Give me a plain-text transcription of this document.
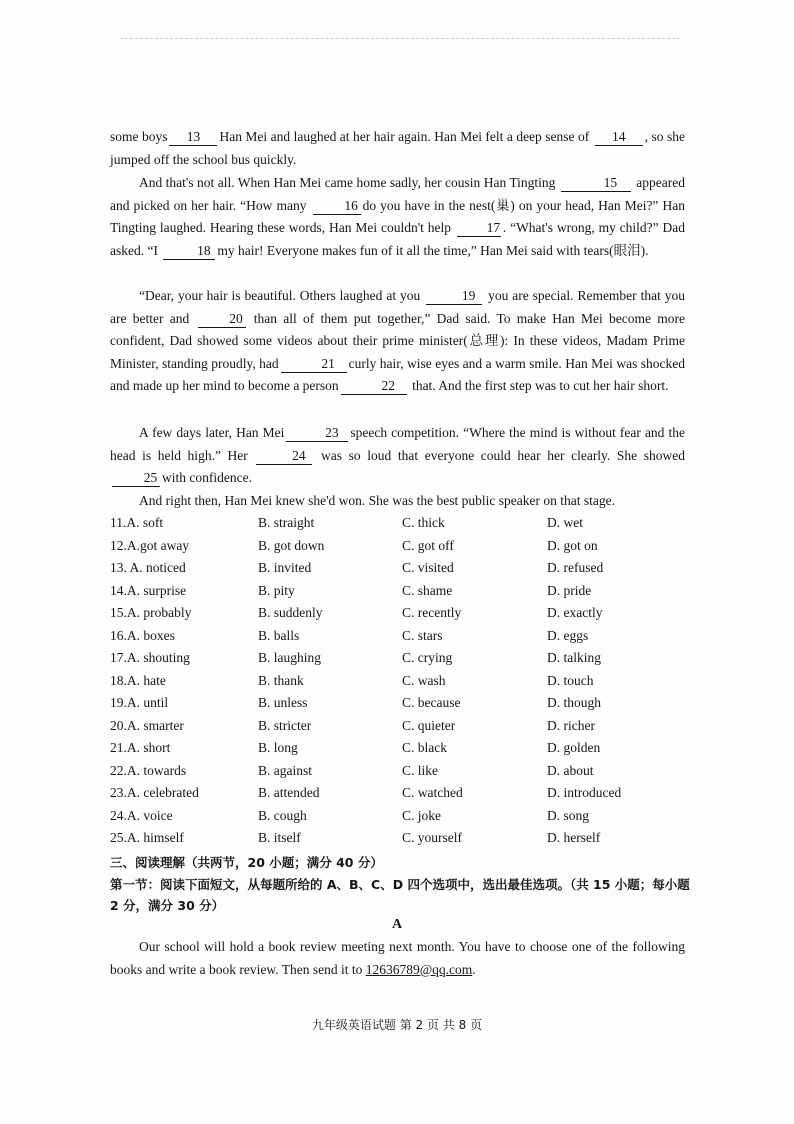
some boys 13 Han Mei and laughed at her hair again. Han Mei felt a deep sense of 14 , so she jumped off the school bus quickly.

And that's not all. When Han Mei came home sadly, her cousin Han Tingting	15 appeared and picked on her hair. “How many	16 do you have in the nest(巢) on your head, Han Mei?” Han Tingting laughed. Hearing these words, Han Mei couldn't help	17 . “What's wrong, my child?” Dad asked. “I	18 my hair! Everyone makes fun of it all the time,” Han Mei said with tears(眼泪).

“Dear, your hair is beautiful. Others laughed at you	19 you are special. Remember that you are better and	20 than all of them put together,” Dad said. To make Han Mei become more confident, Dad showed some videos about their prime minister(总理): In these videos, Madam Prime Minister, standing proudly, had	21 curly hair, wise eyes and a warm smile. Han Mei was shocked and made up her mind to become a person	22 that. And the first step was to cut her hair short.

A few days later, Han Mei	23 speech competition. “Where the mind is without fear and the head is held high.” Her	24 was so loud that everyone could hear her clearly. She showed 25 with confidence.

And right then, Han Mei knew she'd won. She was the best public speaker on that stage.

11.A. soft	B. straight	C. thick	D. wet
12.A.got away	B. got down	C. got off	D. got on
13. A. noticed	B. invited	C. visited	D. refused
14.A. surprise	B. pity	C. shame	D. pride
15.A. probably	B. suddenly	C. recently	D. exactly
16.A. boxes	B. balls	C. stars	D. eggs
17.A. shouting	B. laughing	C. crying	D. talking
18.A. hate	B. thank	C. wash	D. touch
19.A. until	B. unless	C. because	D. though
20.A. smarter	B. stricter	C. quieter	D. richer
21.A. short	B. long	C. black	D. golden
22.A. towards	B. against	C. like	D. about
23.A. celebrated	B. attended	C. watched	D. introduced
24.A. voice	B. cough	C. joke	D. song
25.A. himself	B. itself	C. yourself	D. herself

三、阅读理解（共两节，20 小题；满分 40 分）

第一节：阅读下面短文，从每题所给的 A、B、C、D 四个选项中，选出最佳选项。（共 15 小题；每小题 2 分，满分 30 分）

A

Our school will hold a book review meeting next month. You have to choose one of the following books and write a book review. Then send it to 12636789@qq.com.

九年级英语试题 第 2 页 共 8 页
